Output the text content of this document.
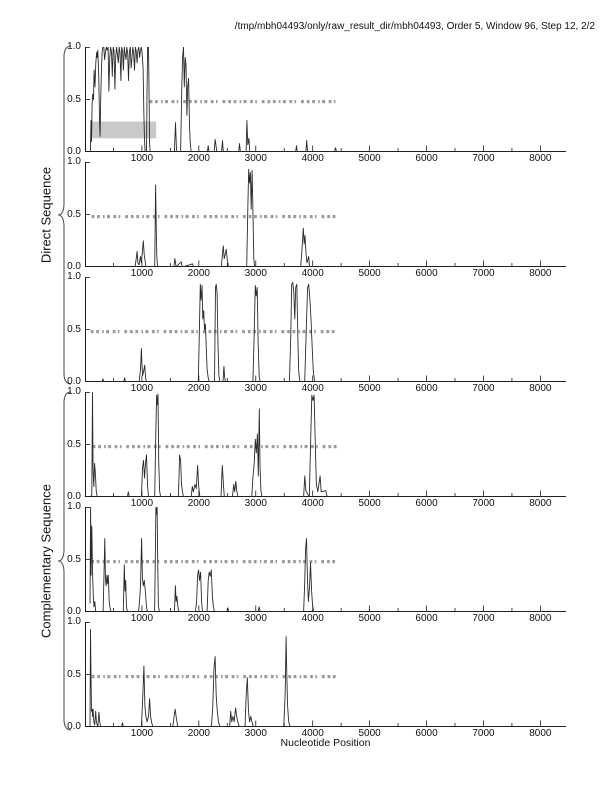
/tmp/mbh04493/only/raw_result_dir/mbh04493, Order 5, Window 96, Step 12, 2/2
Direct Sequence
Complementary Sequence
1000	2000	3000	4000	5000	6000	7000	8000
0.0
0.5
1.0
1000	2000	3000	4000	5000	6000	7000	8000
0.0
0.5
1.0
1000	2000	3000	4000	5000	6000	7000	8000
0.0
0.5
1.0
1000	2000	3000	4000	5000	6000	7000	8000
0.0
0.5
1.0
1000	2000	3000	4000	5000	6000	7000	8000
0.0
0.5
1.0
1000	2000	3000	4000	5000	6000	7000	8000
0.0
0.5
1.0
Nucleotide Position
